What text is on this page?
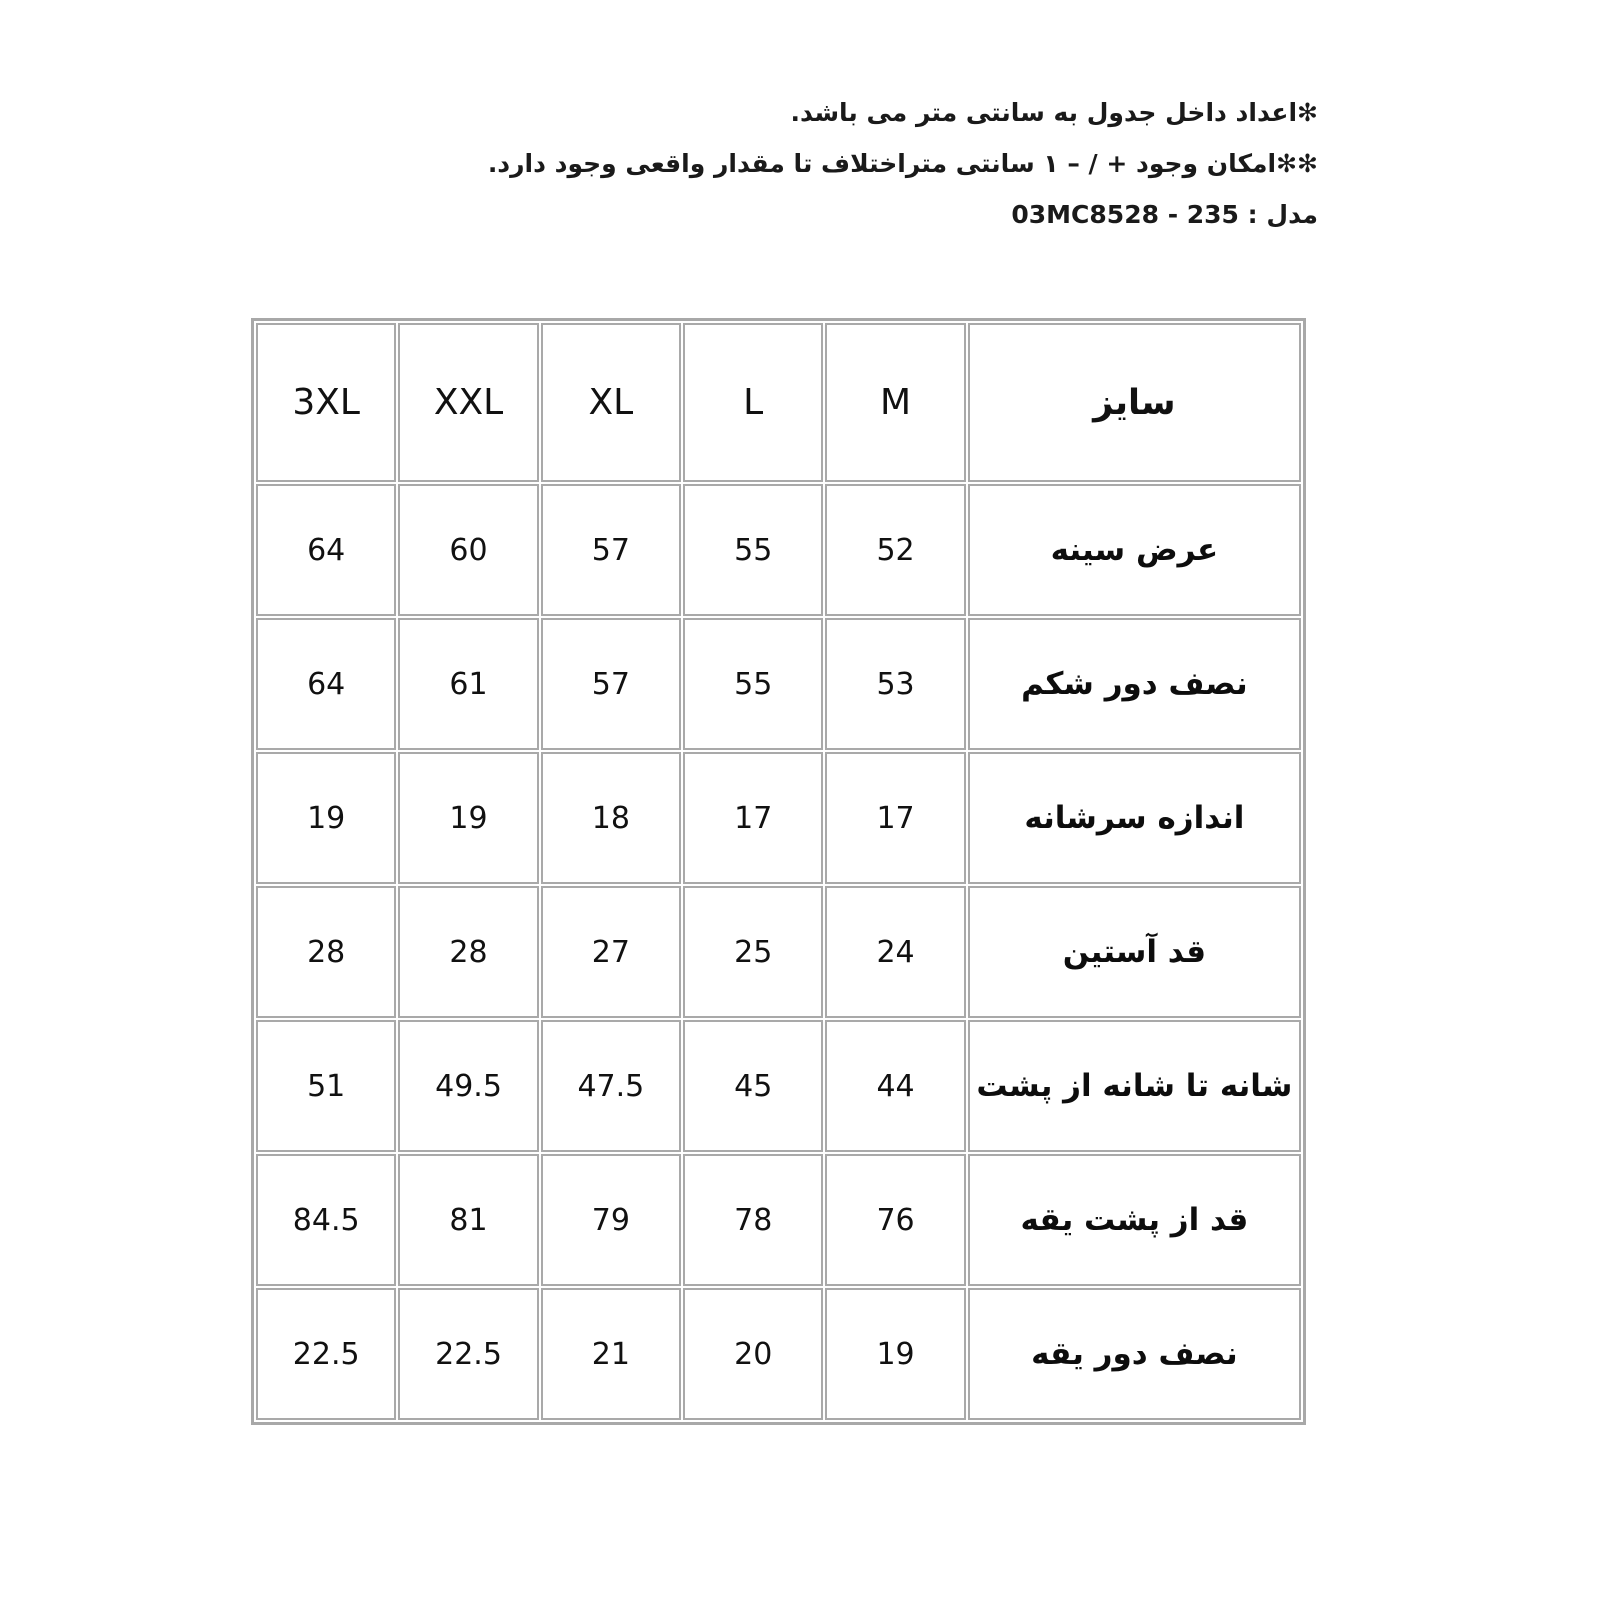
✻اعداد داخل جدول به سانتی متر می باشد.
✻✻امکان وجود + / – ۱ سانتی متراختلاف تا مقدار واقعی وجود دارد.
مدل : 03MC8528 - 235
3XL	XXL	XL	L	M	سایز
64	60	57	55	52	عرض سینه
64	61	57	55	53	نصف دور شکم
19	19	18	17	17	اندازه سرشانه
28	28	27	25	24	قد آستین
51	49.5	47.5	45	44	شانه تا شانه از پشت
84.5	81	79	78	76	قد از پشت یقه
22.5	22.5	21	20	19	نصف دور یقه
